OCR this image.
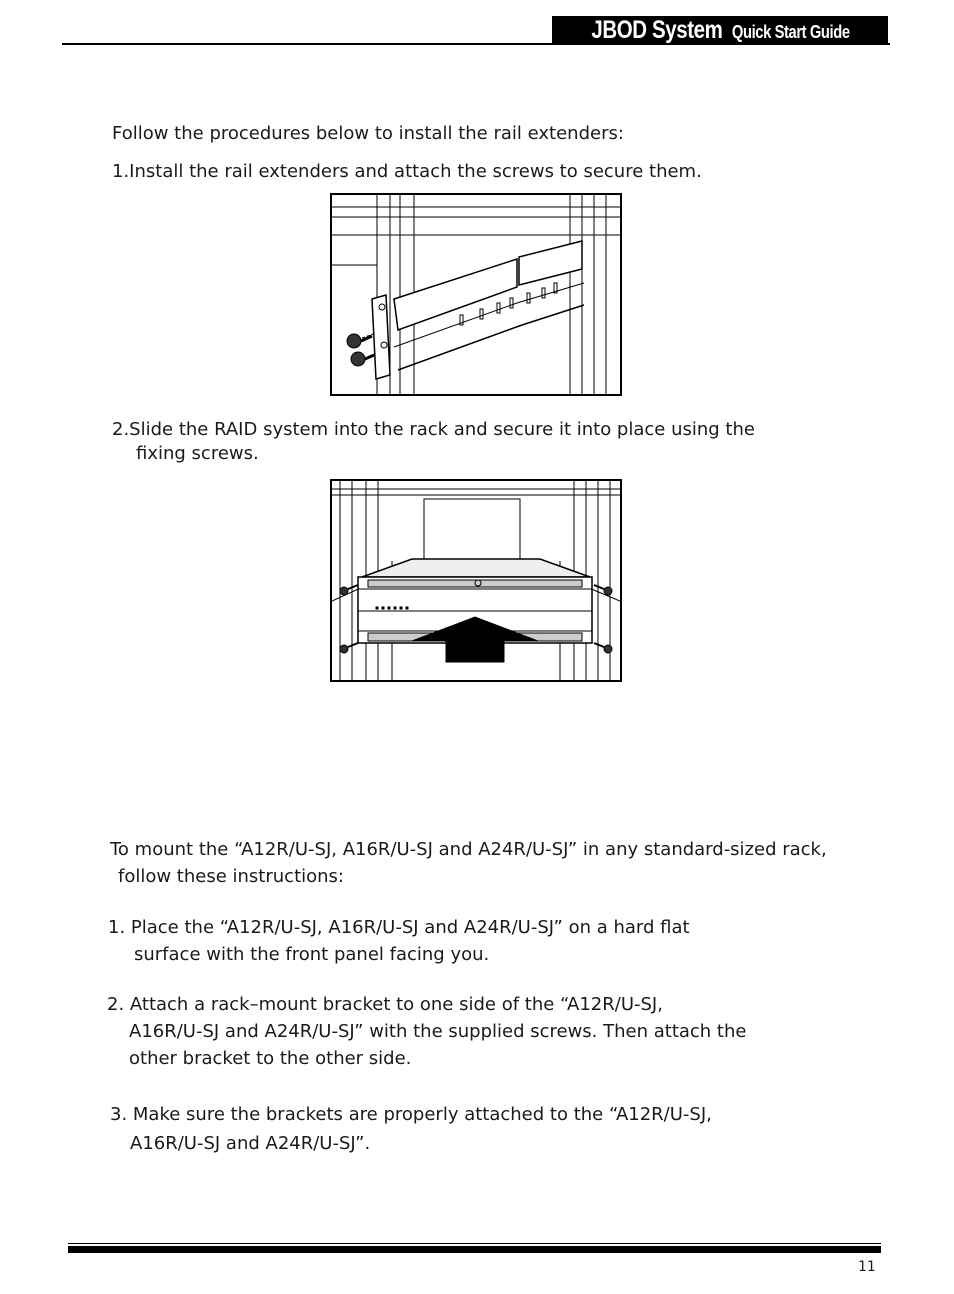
JBOD System Quick Start Guide
Follow the procedures below to install the rail extenders:
1.Install the rail extenders and attach the screws to secure them.
2.Slide the RAID system into the rack and secure it into place using the
fixing screws.
To mount the “A12R/U-SJ, A16R/U-SJ and A24R/U-SJ” in any standard-sized rack,
follow these instructions:
1. Place the “A12R/U-SJ, A16R/U-SJ and A24R/U-SJ” on a hard flat
surface with the front panel facing you.
2. Attach a rack–mount bracket to one side of the “A12R/U-SJ,
A16R/U-SJ and A24R/U-SJ” with the supplied screws. Then attach the
other bracket to the other side.
3. Make sure the brackets are properly attached to the “A12R/U-SJ,
A16R/U-SJ and A24R/U-SJ”.
11
